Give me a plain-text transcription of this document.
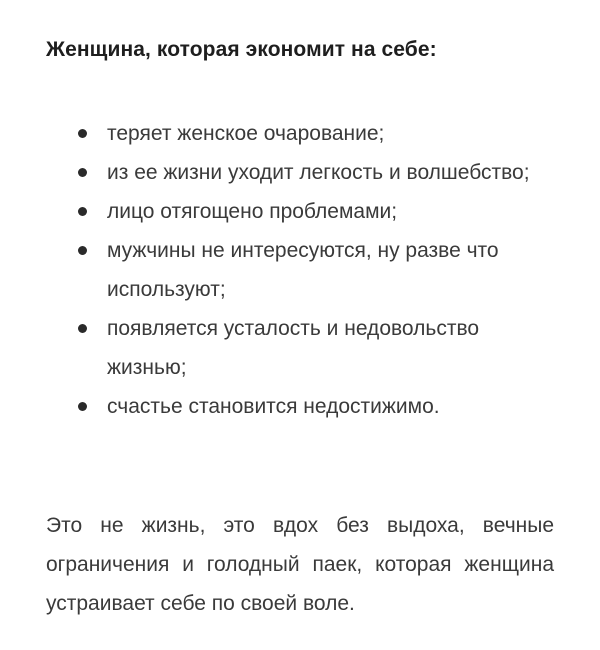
Женщина, которая экономит на себе:
теряет женское очарование;
из ее жизни уходит легкость и волшебство;
лицо отягощено проблемами;
мужчины не интересуются, ну разве что используют;
появляется усталость и недовольство жизнью;
счастье становится недостижимо.

Это не жизнь, это вдох без выдоха, вечные ограничения и голодный паек, которая женщина устраивает себе по своей воле.
